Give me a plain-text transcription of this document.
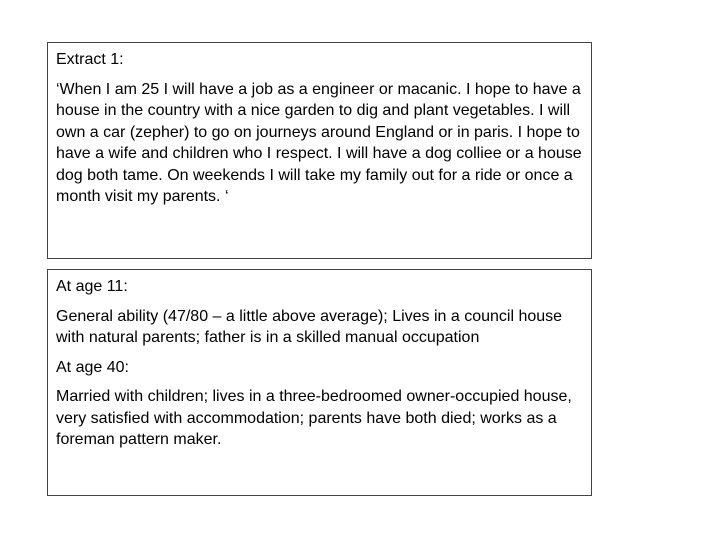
Extract 1:

‘When I am 25 I will have a job as a engineer or macanic. I hope to have a house in the country with a nice garden to dig and plant vegetables. I will own a car (zepher) to go on journeys around England or in paris. I hope to have a wife and children who I respect. I will have a dog colliee or a house dog both tame. On weekends I will take my family out for a ride or once a month visit my parents. ‘

At age 11:

General ability (47/80 – a little above average); Lives in a council house with natural parents; father is in a skilled manual occupation

At age 40:

Married with children; lives in a three-bedroomed owner-occupied house, very satisfied with accommodation; parents have both died; works as a foreman pattern maker.
